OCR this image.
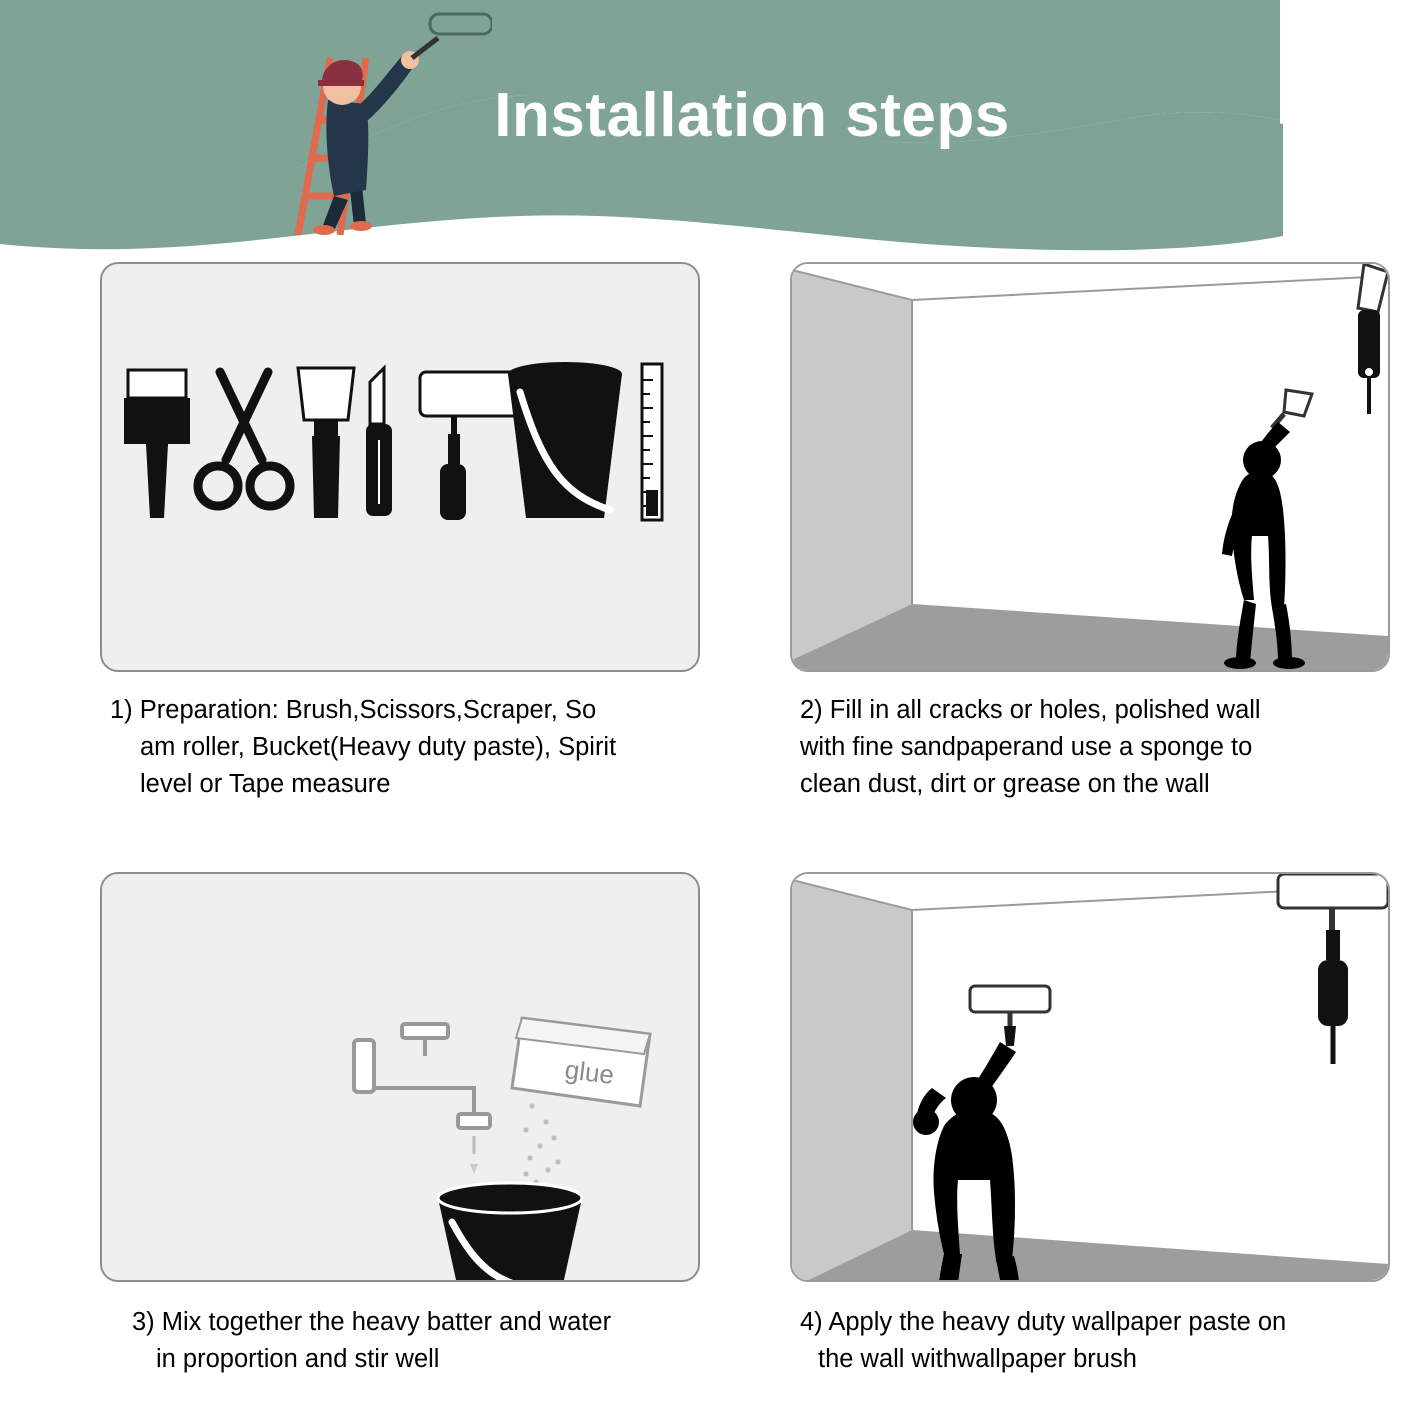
Installation steps
1) Preparation: Brush,Scissors,Scraper, So
am roller, Bucket(Heavy duty paste), Spirit
level or Tape measure
2) Fill in all cracks or holes, polished wall
with fine sandpaperand use a sponge to
clean dust, dirt or grease on the wall
glue
3) Mix together the heavy batter and water
in proportion and stir well
4) Apply the heavy duty wallpaper paste on
the wall withwallpaper brush
